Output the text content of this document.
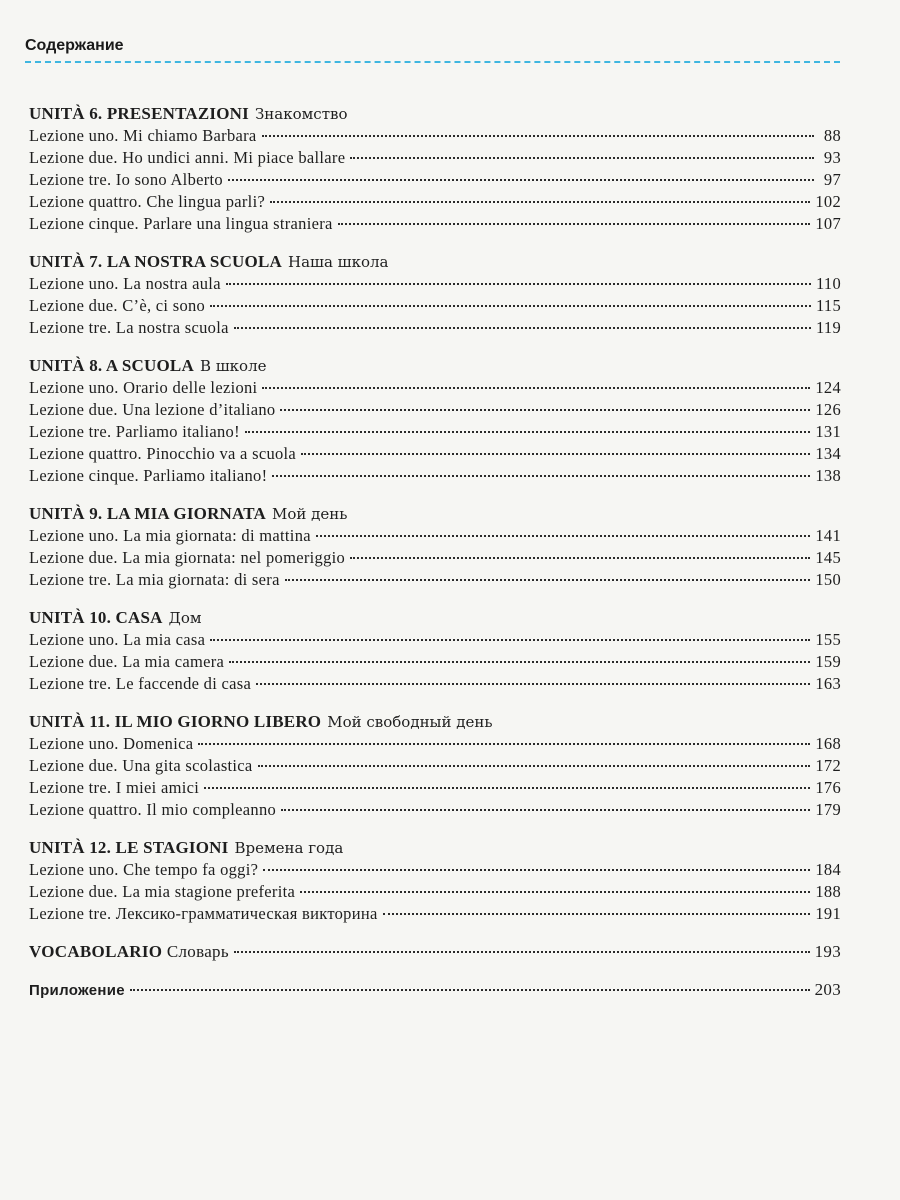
Содержание
UNITÀ 6. PRESENTAZIONI Знакомство
Lezione uno. Mi chiamo Barbara	88
Lezione due. Ho undici anni. Mi piace ballare	93
Lezione tre. Io sono Alberto	97
Lezione quattro. Che lingua parli?	102
Lezione cinque. Parlare una lingua straniera	107
UNITÀ 7. LA NOSTRA SCUOLA Наша школа
Lezione uno. La nostra aula	110
Lezione due. C’è, ci sono	115
Lezione tre. La nostra scuola	119
UNITÀ 8. A SCUOLA В школе
Lezione uno. Orario delle lezioni	124
Lezione due. Una lezione d’italiano	126
Lezione tre. Parliamo italiano!	131
Lezione quattro. Pinocchio va a scuola	134
Lezione cinque. Parliamo italiano!	138
UNITÀ 9. LA MIA GIORNATA Мой день
Lezione uno. La mia giornata: di mattina	141
Lezione due. La mia giornata: nel pomeriggio	145
Lezione tre. La mia giornata: di sera	150
UNITÀ 10. CASA Дом
Lezione uno. La mia casa	155
Lezione due. La mia camera	159
Lezione tre. Le faccende di casa	163
UNITÀ 11. IL MIO GIORNO LIBERO Мой свободный день
Lezione uno. Domenica	168
Lezione due. Una gita scolastica	172
Lezione tre. I miei amici	176
Lezione quattro. Il mio compleanno	179
UNITÀ 12. LE STAGIONI Времена года
Lezione uno. Che tempo fa oggi?	184
Lezione due. La mia stagione preferita	188
Lezione tre. Лексико-грамматическая викторина	191
VOCABOLARIO Словарь	193
Приложение	203
